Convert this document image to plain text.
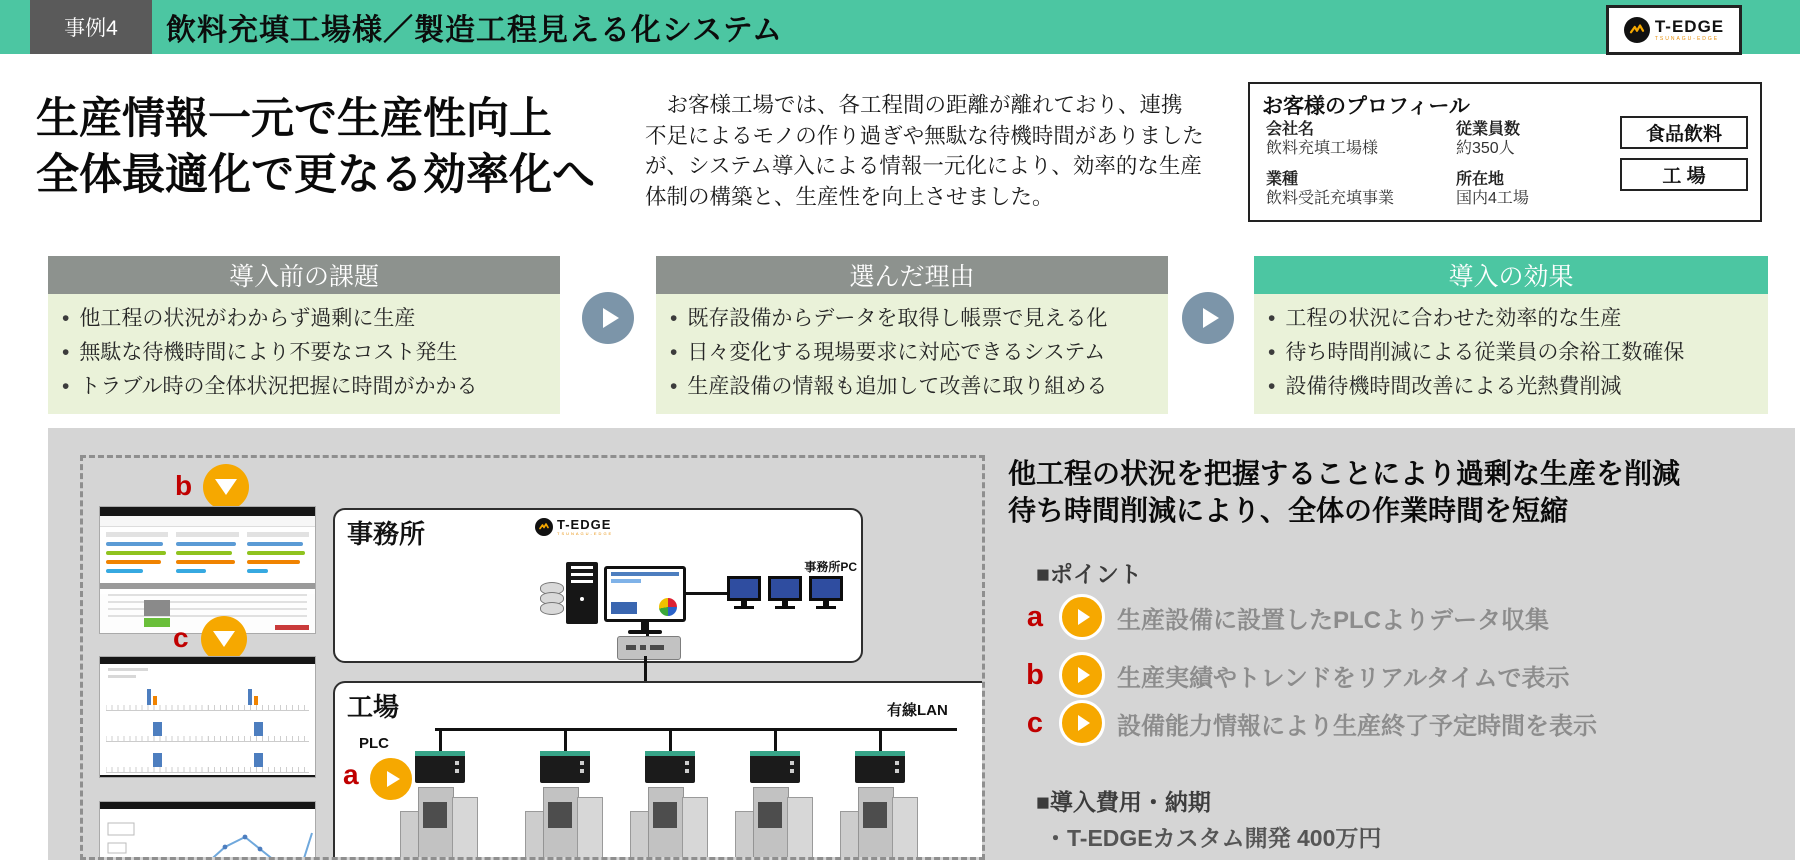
事例4	飲料充填工場様／製造工程見える化システム	T-EDGE
TSUNAGU-EDGE
生産情報一元で生産性向上
全体最適化で更なる効率化へ
　お客様工場では、各工程間の距離が離れており、連携
不足によるモノの作り過ぎや無駄な待機時間がありました
が、システム導入による情報一元化により、効率的な生産
体制の構築と、生産性を向上させました。
お客様のプロフィール
会社名
飲料充填工場様
従業員数
約350人
業種
飲料受託充填事業
所在地
国内4工場
食品飲料
工 場
導入前の課題
• 他工程の状況がわからず過剰に生産
• 無駄な待機時間により不要なコスト発生
• トラブル時の全体状況把握に時間がかかる
選んだ理由
• 既存設備からデータを取得し帳票で見える化
• 日々変化する現場要求に対応できるシステム
• 生産設備の情報も追加して改善に取り組める
導入の効果
• 工程の状況に合わせた効率的な生産
• 待ち時間削減による従業員の余裕工数確保
• 設備待機時間改善による光熱費削減
b
c
事務所	T-EDGE
TSUNAGU-EDGE
事務所PC
工場	有線LAN
PLC
a
他工程の状況を把握することにより過剰な生産を削減
待ち時間削減により、全体の作業時間を短縮
■ポイント
a	生産設備に設置したPLCよりデータ収集
b	生産実績やトレンドをリアルタイムで表示
c	設備能力情報により生産終了予定時間を表示
■導入費用・納期
・T-EDGEカスタム開発 400万円
